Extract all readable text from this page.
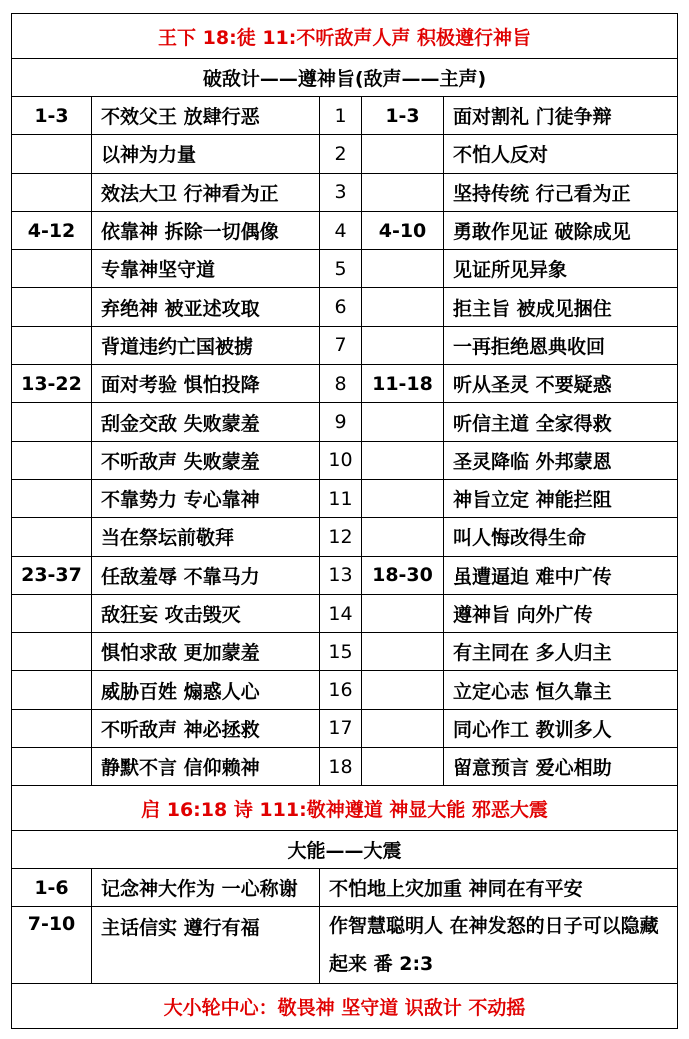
王下 18:徒 11:不听敌声人声 积极遵行神旨				
破敌计——遵神旨(敌声——主声)				
1-3	不效父王 放肆行恶	1	1-3	面对割礼 门徒争辩
	以神为力量	2		不怕人反对
	效法大卫 行神看为正	3		坚持传统 行己看为正
4-12	依靠神 拆除一切偶像	4	4-10	勇敢作见证 破除成见
	专靠神坚守道	5		见证所见异象
	弃绝神 被亚述攻取	6		拒主旨 被成见捆住
	背道违约亡国被掳	7		一再拒绝恩典收回
13-22	面对考验 惧怕投降	8	11-18	听从圣灵 不要疑惑
	刮金交敌 失败蒙羞	9		听信主道 全家得救
	不听敌声 失败蒙羞	10		圣灵降临 外邦蒙恩
	不靠势力 专心靠神	11		神旨立定 神能拦阻
	当在祭坛前敬拜	12		叫人悔改得生命
23-37	任敌羞辱 不靠马力	13	18-30	虽遭逼迫 难中广传
	敌狂妄 攻击毁灭	14		遵神旨 向外广传
	惧怕求敌 更加蒙羞	15		有主同在 多人归主
	威胁百姓 煽惑人心	16		立定心志 恒久靠主
	不听敌声 神必拯救	17		同心作工 教训多人
	静默不言 信仰赖神	18		留意预言 爱心相助
启 16:18 诗 111:敬神遵道 神显大能 邪恶大震				
大能——大震				
1-6	记念神大作为 一心称谢	不怕地上灾加重 神同在有平安		
7-10	主话信实 遵行有福	作智慧聪明人 在神发怒的日子可以隐藏起来 番 2:3		
大小轮中心：敬畏神 坚守道 识敌计 不动摇				
